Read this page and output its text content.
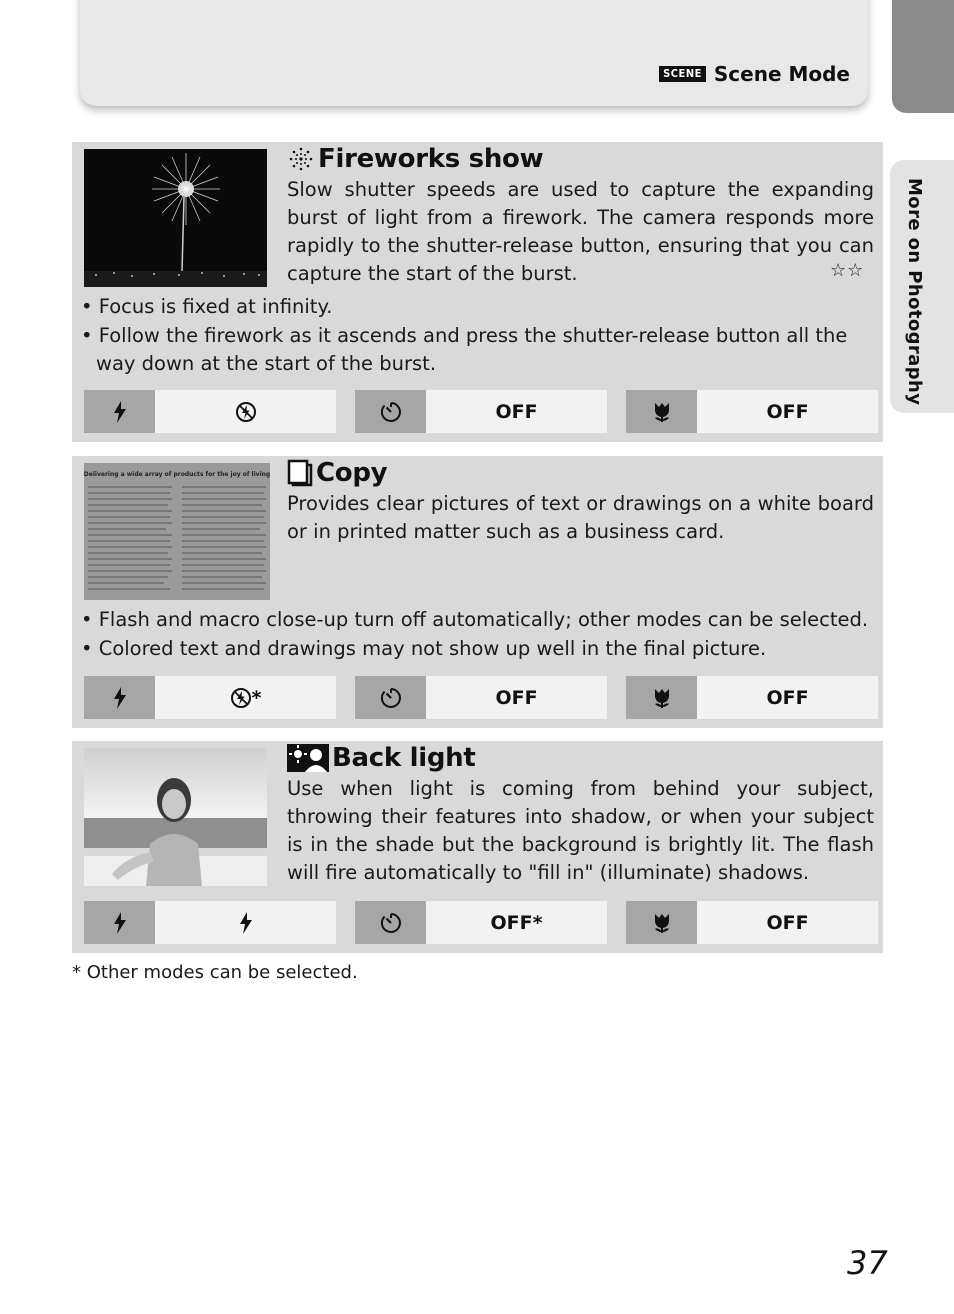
SCENE Scene Mode
More on Photography
Fireworks show
Slow shutter speeds are used to capture the expanding burst of light from a firework. The camera responds more rapidly to the shutter-release button, ensuring that you can capture the start of the burst.	☆☆
• Focus is fixed at infinity.
• Follow the firework as it ascends and press the shutter-release button all the way down at the start of the burst.
OFF	OFF
Delivering a wide array of products for the joy of living Copy
Provides clear pictures of text or drawings on a white board or in printed matter such as a business card.
• Flash and macro close-up turn off automatically; other modes can be selected.
• Colored text and drawings may not show up well in the final picture.
*	OFF	OFF
Back light
Use when light is coming from behind your subject, throwing their features into shadow, or when your subject is in the shade but the background is brightly lit. The flash will fire automatically to "fill in" (illuminate) shadows.
OFF*	OFF
* Other modes can be selected.
37
